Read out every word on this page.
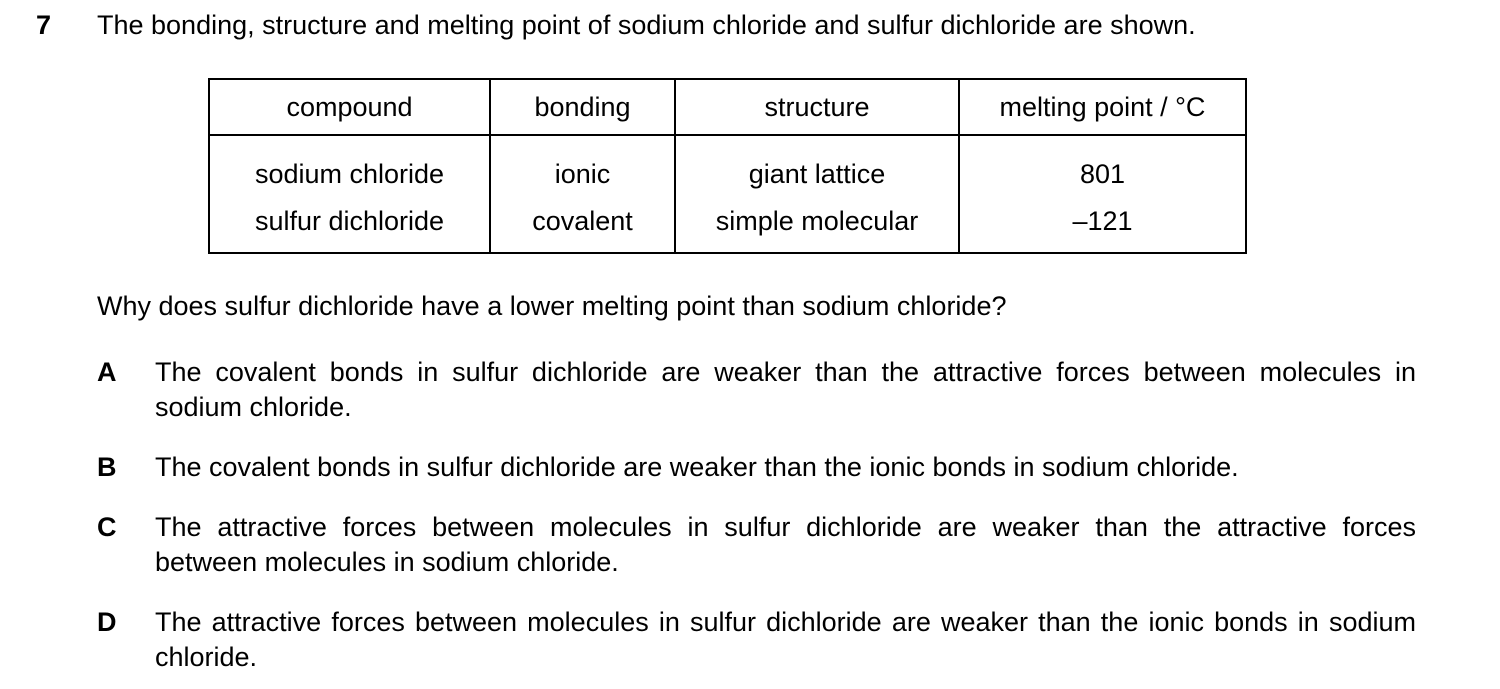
7 The bonding, structure and melting point of sodium chloride and sulfur dichloride are shown.
compound	bonding	structure	melting point / °C
sodium chloride	ionic	giant lattice	801
sulfur dichloride	covalent	simple molecular	–121
Why does sulfur dichloride have a lower melting point than sodium chloride?
A The covalent bonds in sulfur dichloride are weaker than the attractive forces between molecules in sodium chloride.
B The covalent bonds in sulfur dichloride are weaker than the ionic bonds in sodium chloride.
C The attractive forces between molecules in sulfur dichloride are weaker than the attractive forces between molecules in sodium chloride.
D The attractive forces between molecules in sulfur dichloride are weaker than the ionic bonds in sodium chloride.
